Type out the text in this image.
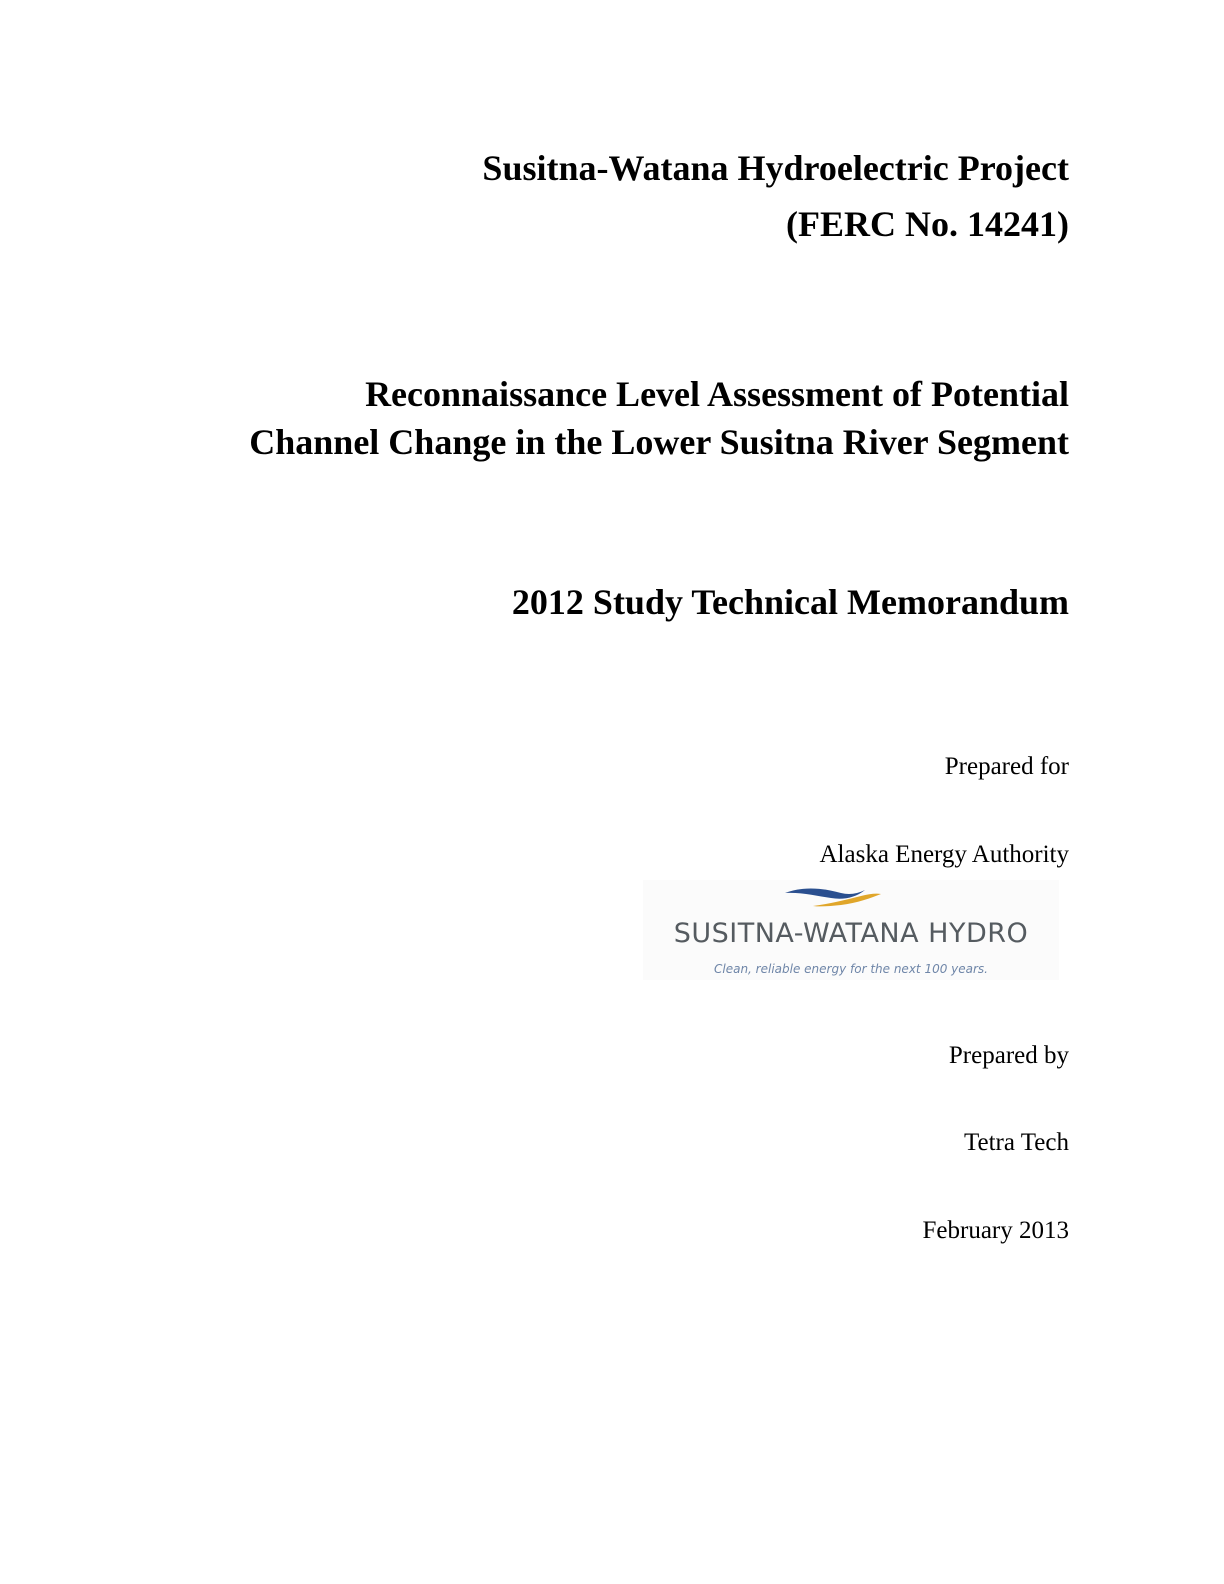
Susitna-Watana Hydroelectric Project
(FERC No. 14241)
Reconnaissance Level Assessment of Potential
Channel Change in the Lower Susitna River Segment
2012 Study Technical Memorandum
Prepared for
Alaska Energy Authority
SUSITNA-WATANA HYDRO
Clean, reliable energy for the next 100 years.
Prepared by
Tetra Tech
February 2013
